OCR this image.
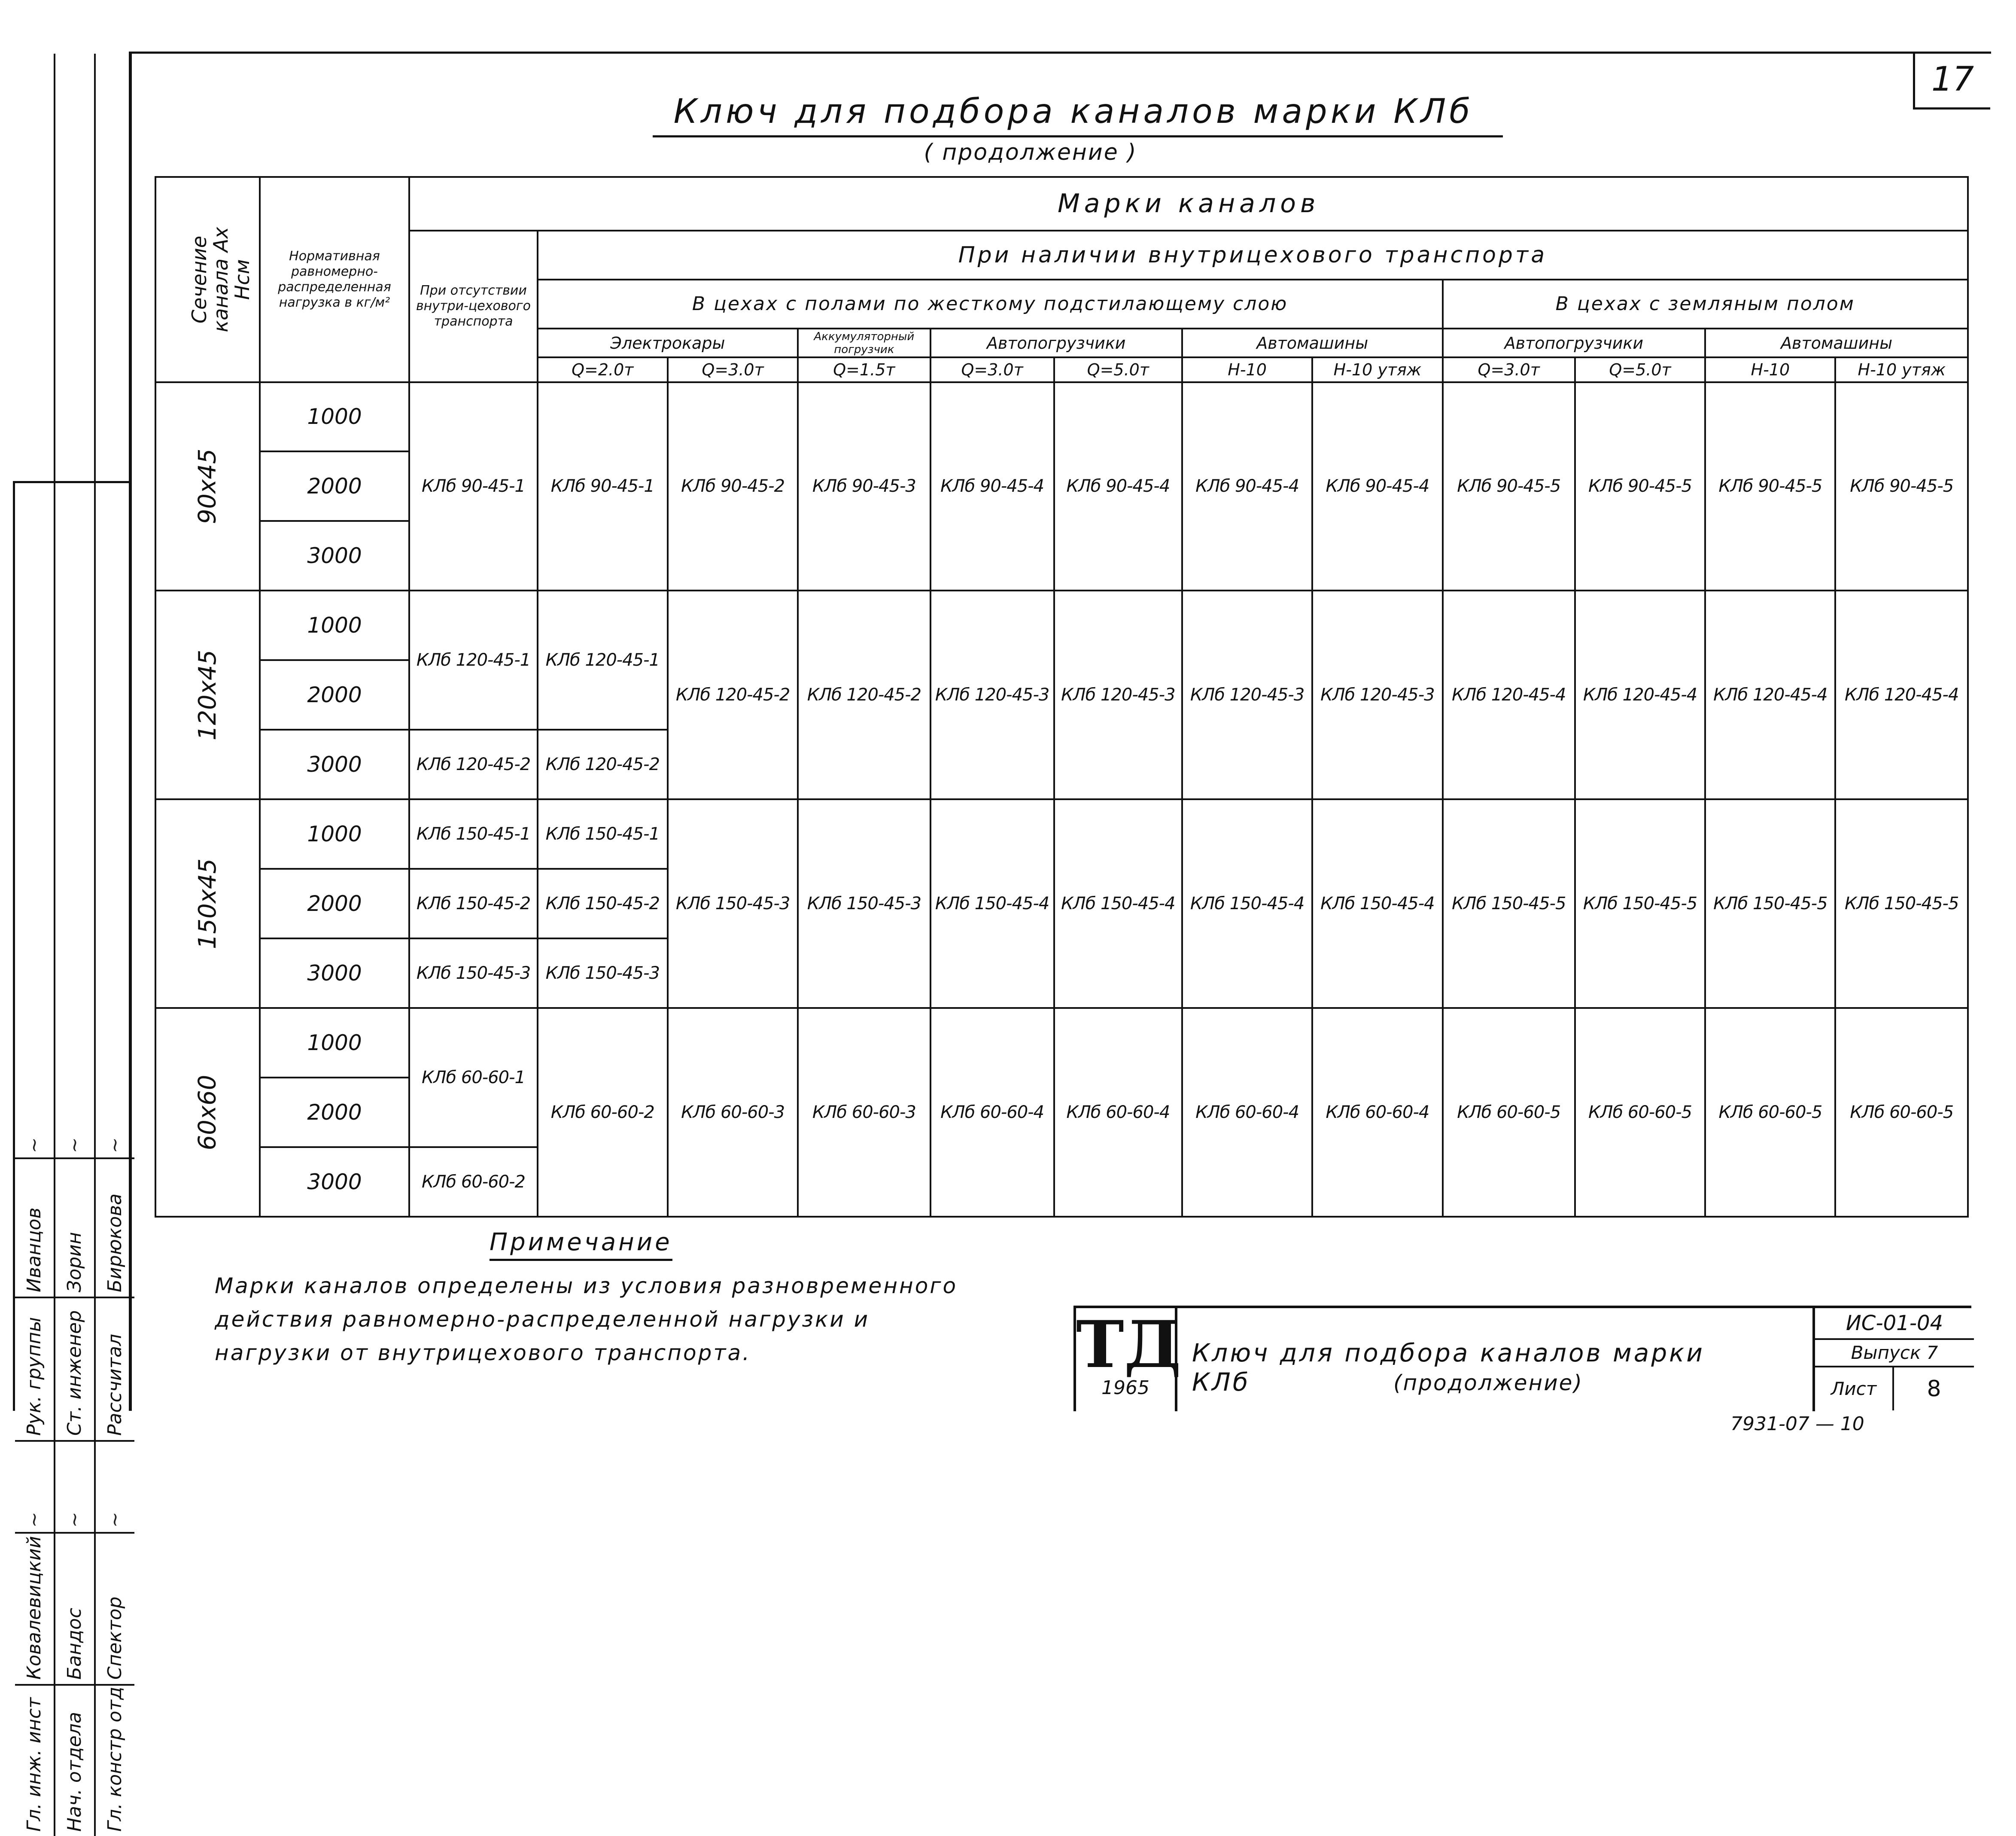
17
Ключ для подбора каналов марки КЛб
( продолжение )
Сечение канала Ах Нсм	Нормативная равномерно-распределенная нагрузка в кг/м²	Марки каналов											
		При отсутствии внутри-цехового транспорта	При наличии внутрицехового транспорта										
			В цехах с полами по жесткому подстилающему слою							В цехах с земляным полом			
			Электрокары		Аккумуляторный погрузчик	Автопогрузчики		Автомашины		Автопогрузчики		Автомашины	
			Q=2.0т	Q=3.0т	Q=1.5т	Q=3.0т	Q=5.0т	Н-10	Н-10 утяж	Q=3.0т	Q=5.0т	Н-10	Н-10 утяж
90х45	1000	КЛб 90-45-1	КЛб 90-45-1	КЛб 90-45-2	КЛб 90-45-3	КЛб 90-45-4	КЛб 90-45-4	КЛб 90-45-4	КЛб 90-45-4	КЛб 90-45-5	КЛб 90-45-5	КЛб 90-45-5	КЛб 90-45-5
	2000												
	3000												
120х45	1000	КЛб 120-45-1	КЛб 120-45-1	КЛб 120-45-2	КЛб 120-45-2	КЛб 120-45-3	КЛб 120-45-3	КЛб 120-45-3	КЛб 120-45-3	КЛб 120-45-4	КЛб 120-45-4	КЛб 120-45-4	КЛб 120-45-4
	2000												
	3000	КЛб 120-45-2	КЛб 120-45-2										
150х45	1000	КЛб 150-45-1	КЛб 150-45-1	КЛб 150-45-3	КЛб 150-45-3	КЛб 150-45-4	КЛб 150-45-4	КЛб 150-45-4	КЛб 150-45-4	КЛб 150-45-5	КЛб 150-45-5	КЛб 150-45-5	КЛб 150-45-5
	2000	КЛб 150-45-2	КЛб 150-45-2										
	3000	КЛб 150-45-3	КЛб 150-45-3										
60х60	1000	КЛб 60-60-1	КЛб 60-60-2	КЛб 60-60-3	КЛб 60-60-3	КЛб 60-60-4	КЛб 60-60-4	КЛб 60-60-4	КЛб 60-60-4	КЛб 60-60-5	КЛб 60-60-5	КЛб 60-60-5	КЛб 60-60-5
	2000												
	3000	КЛб 60-60-2											
Примечание
Марки каналов определены из условия разновременного действия равномерно-распределенной нагрузки и нагрузки от внутрицехового транспорта.	ТД
1965
Ключ для подбора каналов марки КЛб	(продолжение)
ИС-01-04
Выпуск 7
Лист	8
7931-07 — 10
Гл. инж. инст
Ковалевицкий
~
Рук. группы
Иванцов
~
Нач. отдела
Бандос
~
Ст. инженер
Зорин
~
Гл. констр отд
Спектор
~
Рассчитал
Бирюкова
~
